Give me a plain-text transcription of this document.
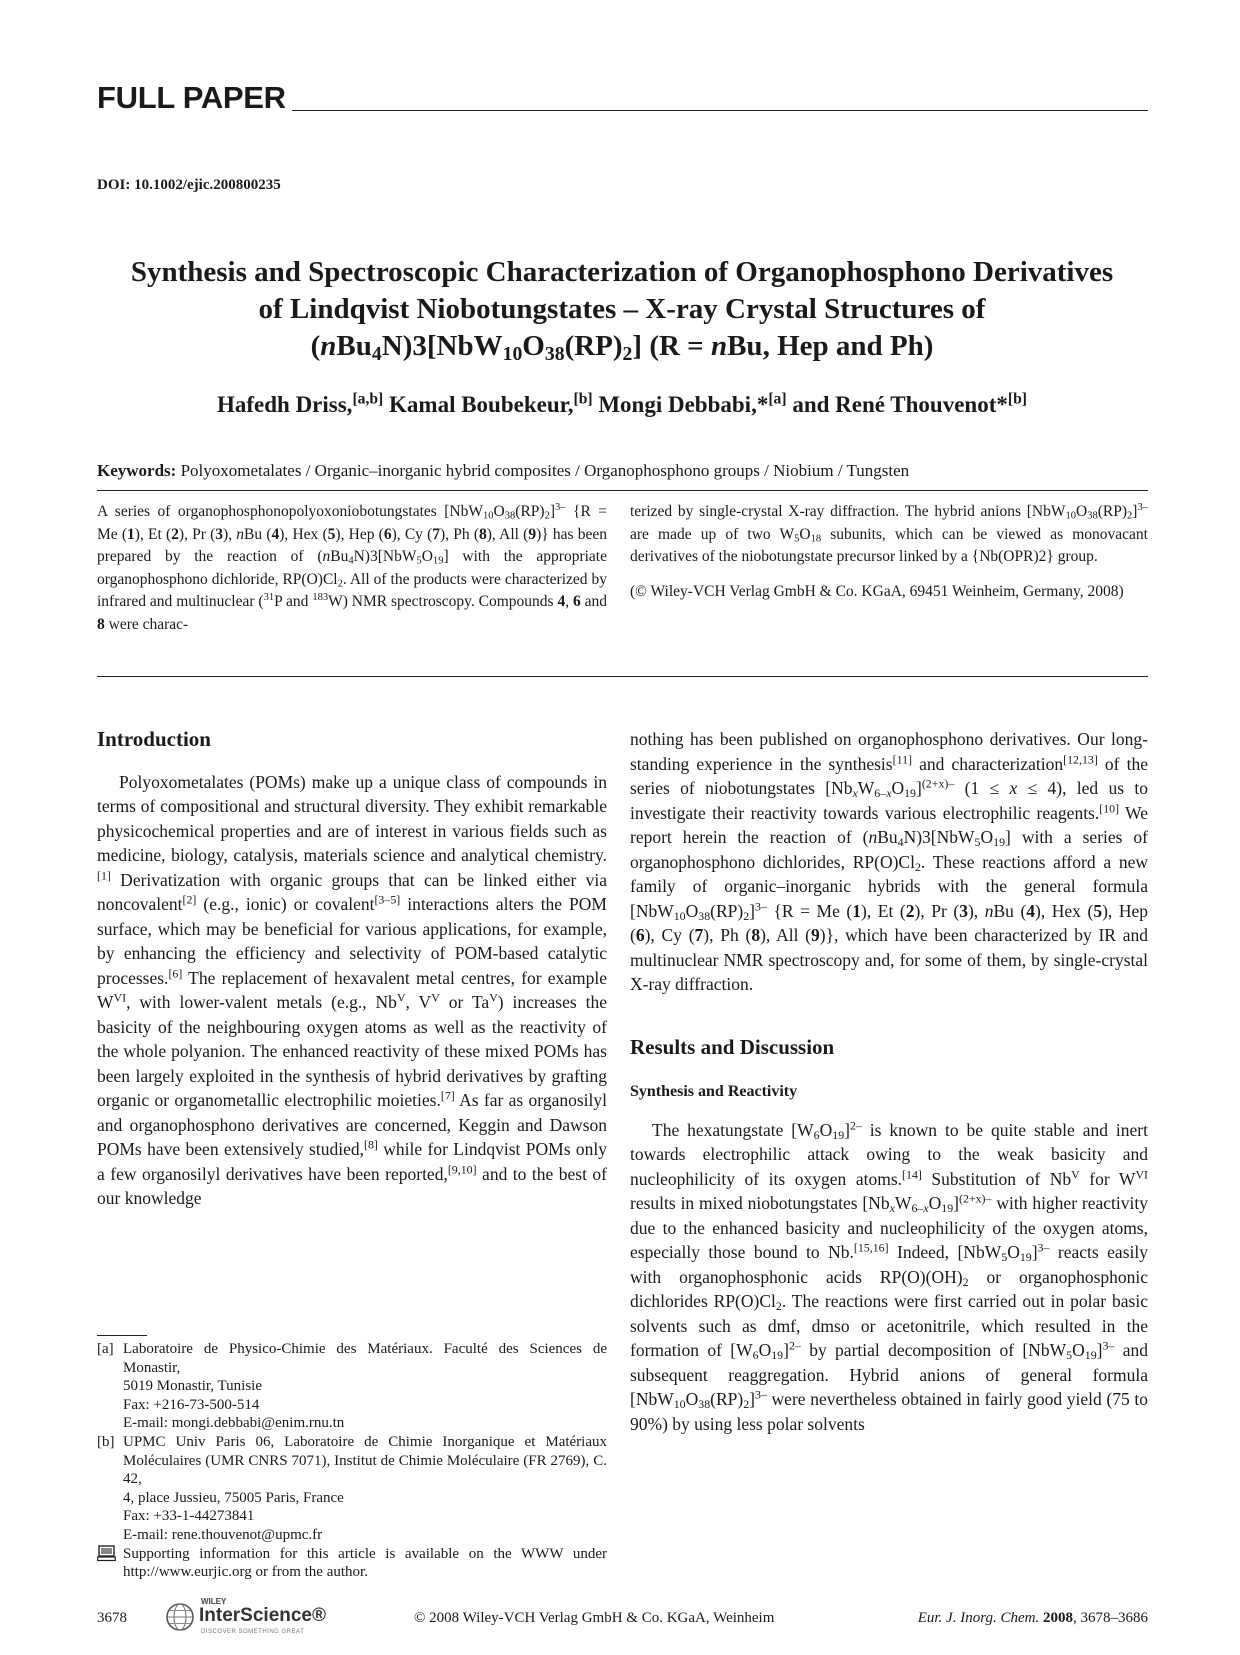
FULL PAPER
DOI: 10.1002/ejic.200800235
Synthesis and Spectroscopic Characterization of Organophosphono Derivatives
of Lindqvist Niobotungstates – X-ray Crystal Structures of
$(nBu_4N)3[NbW_{10}O_{38}(RP)_2] (R$ = nBu, Hep and Ph)
Hafedh Driss,[a,b] Kamal Boubekeur,[b] Mongi Debbabi,*[a] and René Thouvenot*[b]
Keywords: Polyoxometalates / Organic–inorganic hybrid composites / Organophosphono groups / Niobium / Tungsten
A series of organophosphonopolyoxoniobotungstates $[NbW_{10}O_{38}(RP)_2]^{3-}$ {R = Me (1), Et (2), Pr (3), nBu (4), Hex (5), Hep (6), Cy (7), Ph (8), All (9)} has been prepared by the reaction of $(nBu_4N)3[NbW_5O_{19}]$ with the appropriate organophosphono dichloride, $RP(O)Cl_2$. All of the products were characterized by infrared and multinuclear ($^{31}$P and $^{183}$W) NMR spectroscopy. Compounds 4, 6 and 8 were charac-
terized by single-crystal X-ray diffraction. The hybrid anions $[NbW_{10}O_{38}(RP)_2]^{3-}$ are made up of two $W_5O_{18}$ subunits, which can be viewed as monovacant derivatives of the niobotungstate precursor linked by a {Nb(OPR)2} group.
(© Wiley-VCH Verlag GmbH & Co. KGaA, 69451 Weinheim, Germany, 2008)
Introduction

Polyoxometalates (POMs) make up a unique class of compounds in terms of compositional and structural diversity. They exhibit remarkable physicochemical properties and are of interest in various fields such as medicine, biology, catalysis, materials science and analytical chemistry.[1] Derivatization with organic groups that can be linked either via noncovalent[2] (e.g., ionic) or covalent[3–5] interactions alters the POM surface, which may be beneficial for various applications, for example, by enhancing the efficiency and selectivity of POM-based catalytic processes.[6] The replacement of hexavalent metal centres, for example $W^{VI}$, with lower-valent metals (e.g., $Nb^V$, $V^V$ or $Ta^V$) increases the basicity of the neighbouring oxygen atoms as well as the reactivity of the whole polyanion. The enhanced reactivity of these mixed POMs has been largely exploited in the synthesis of hybrid derivatives by grafting organic or organometallic electrophilic moieties.[7] As far as organosilyl and organophosphono derivatives are concerned, Keggin and Dawson POMs have been extensively studied,[8] while for Lindqvist POMs only a few organosilyl derivatives have been reported,[9,10] and to the best of our knowledge

nothing has been published on organophosphono derivatives. Our long-standing experience in the synthesis[11] and characterization[12,13] of the series of niobotungstates $[Nb_xW_{6-x}O_{19}]^{(2+x)-}$ (1 ≤ x ≤ 4), led us to investigate their reactivity towards various electrophilic reagents.[10] We report herein the reaction of $(nBu_4N)3[NbW_5O_{19}]$ with a series of organophosphono dichlorides, $RP(O)Cl_2$. These reactions afford a new family of organic–inorganic hybrids with the general formula $[NbW_{10}O_{38}(RP)_2]^{3-}$ {R = Me (1), Et (2), Pr (3), nBu (4), Hex (5), Hep (6), Cy (7), Ph (8), All (9)}, which have been characterized by IR and multinuclear NMR spectroscopy and, for some of them, by single-crystal X-ray diffraction.

Results and Discussion
Synthesis and Reactivity

The hexatungstate $[W_6O_{19}]^{2-}$ is known to be quite stable and inert towards electrophilic attack owing to the weak basicity and nucleophilicity of its oxygen atoms.[14] Substitution of $Nb^V$ for $W^{VI}$ results in mixed niobotungstates $[Nb_xW_{6-x}O_{19}]^{(2+x)-}$ with higher reactivity due to the enhanced basicity and nucleophilicity of the oxygen atoms, especially those bound to Nb.[15,16] Indeed, $[NbW_5O_{19}]^{3-}$ reacts easily with organophosphonic acids $RP(O)(OH)_2$ or organophosphonic dichlorides $RP(O)Cl_2$. The reactions were first carried out in polar basic solvents such as dmf, dmso or acetonitrile, which resulted in the formation of $[W_6O_{19}]^{2-}$ by partial decomposition of $[NbW_5O_{19}]^{3-}$ and subsequent reaggregation. Hybrid anions of general formula $[NbW_{10}O_{38}(RP)_2]^{3-}$ were nevertheless obtained in fairly good yield (75 to 90%) by using less polar solvents

[a] Laboratoire de Physico-Chimie des Matériaux. Faculté des Sciences de Monastir,
5019 Monastir, Tunisie
Fax: +216-73-500-514
E-mail: mongi.debbabi@enim.rnu.tn
[b] UPMC Univ Paris 06, Laboratoire de Chimie Inorganique et Matériaux Moléculaires (UMR CNRS 7071), Institut de Chimie Moléculaire (FR 2769), C. 42,
4, place Jussieu, 75005 Paris, France
Fax: +33-1-44273841
E-mail: rene.thouvenot@upmc.fr
Supporting information for this article is available on the WWW under http://www.eurjic.org or from the author.
3678
WILEY
InterScience®
DISCOVER SOMETHING GREAT
© 2008 Wiley-VCH Verlag GmbH & Co. KGaA, Weinheim	Eur. J. Inorg. Chem. 2008, 3678–3686
